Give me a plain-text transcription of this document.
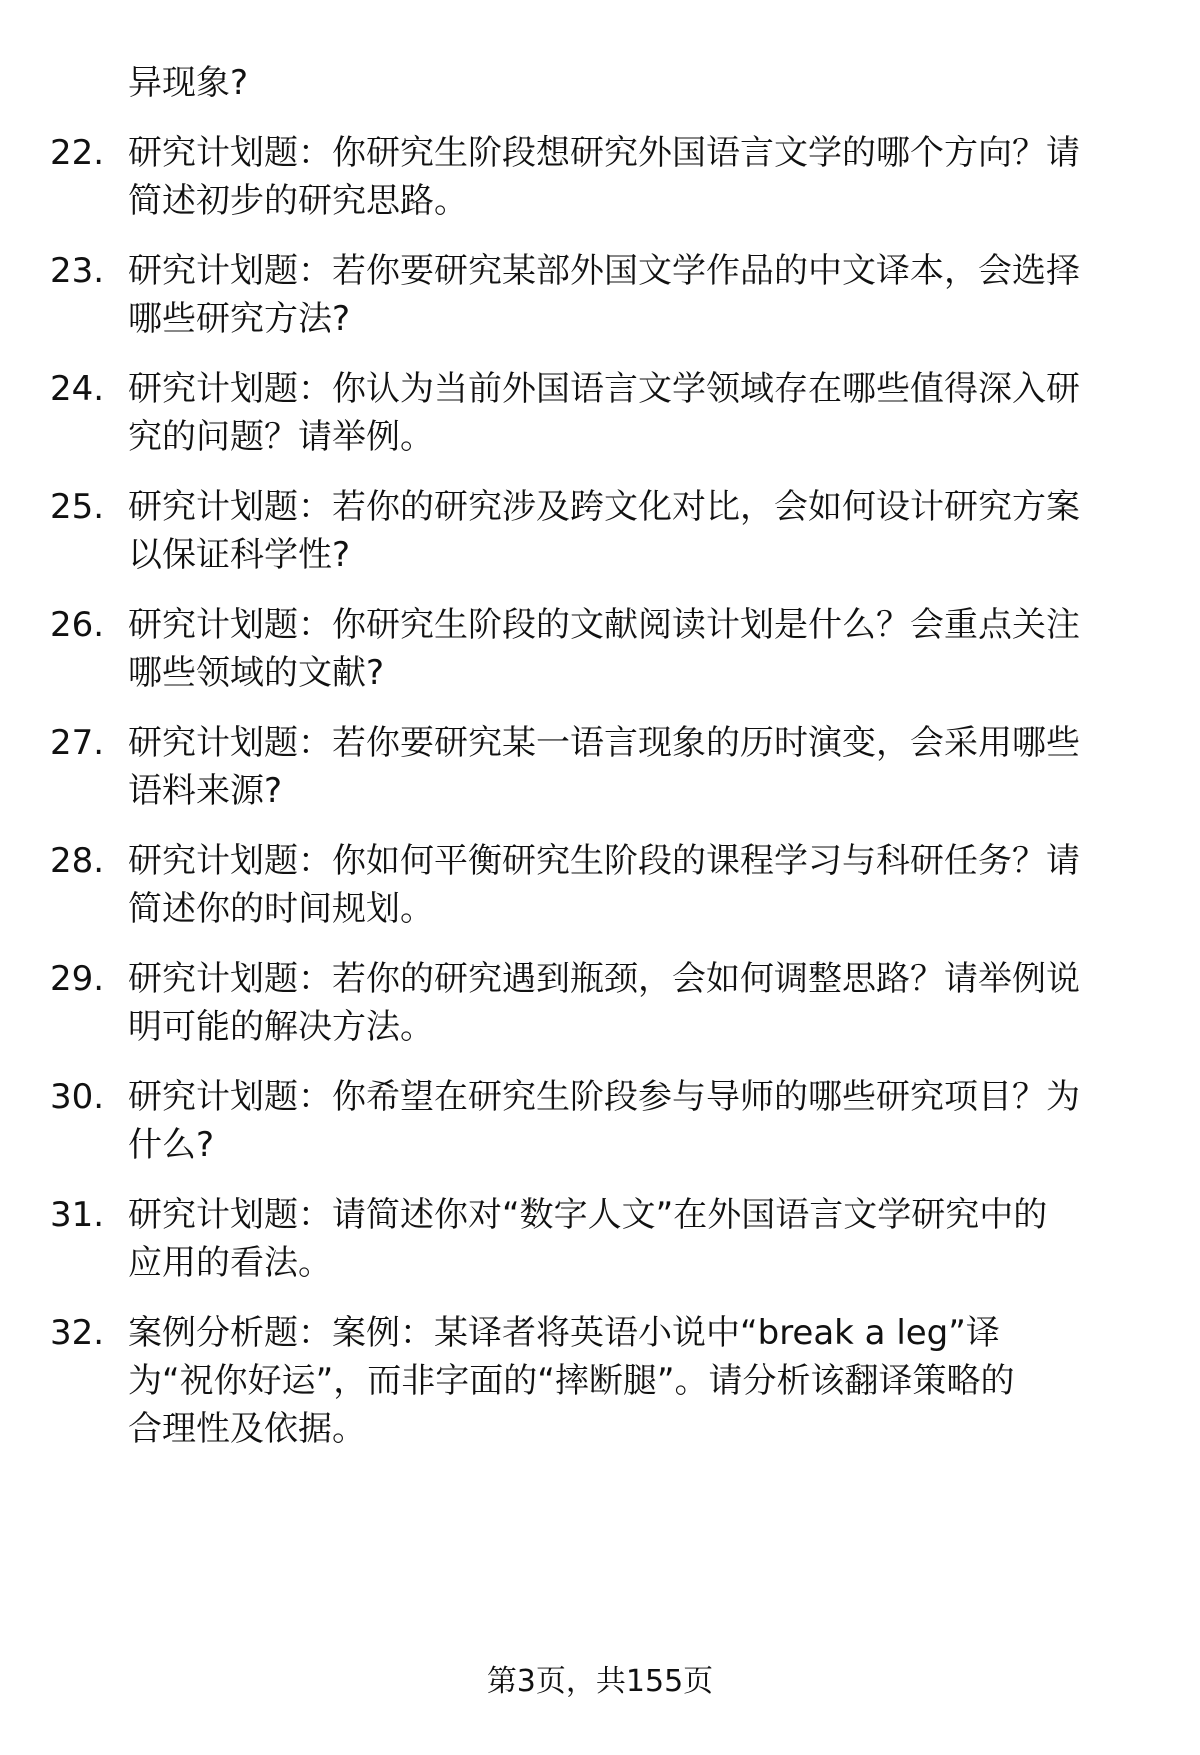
异现象?
22. 研究计划题：你研究生阶段想研究外国语言文学的哪个方向？请
简述初步的研究思路。
23. 研究计划题：若你要研究某部外国文学作品的中文译本，会选择
哪些研究方法?
24. 研究计划题：你认为当前外国语言文学领域存在哪些值得深入研
究的问题？请举例。
25. 研究计划题：若你的研究涉及跨文化对比，会如何设计研究方案
以保证科学性?
26. 研究计划题：你研究生阶段的文献阅读计划是什么？会重点关注
哪些领域的文献?
27. 研究计划题：若你要研究某一语言现象的历时演变，会采用哪些
语料来源?
28. 研究计划题：你如何平衡研究生阶段的课程学习与科研任务？请
简述你的时间规划。
29. 研究计划题：若你的研究遇到瓶颈，会如何调整思路？请举例说
明可能的解决方法。
30. 研究计划题：你希望在研究生阶段参与导师的哪些研究项目？为
什么?
31. 研究计划题：请简述你对“数字人文”在外国语言文学研究中的
应用的看法。
32. 案例分析题：案例：某译者将英语小说中“break a leg”译
为“祝你好运”，而非字面的“摔断腿”。请分析该翻译策略的
合理性及依据。
第3页，共155页
